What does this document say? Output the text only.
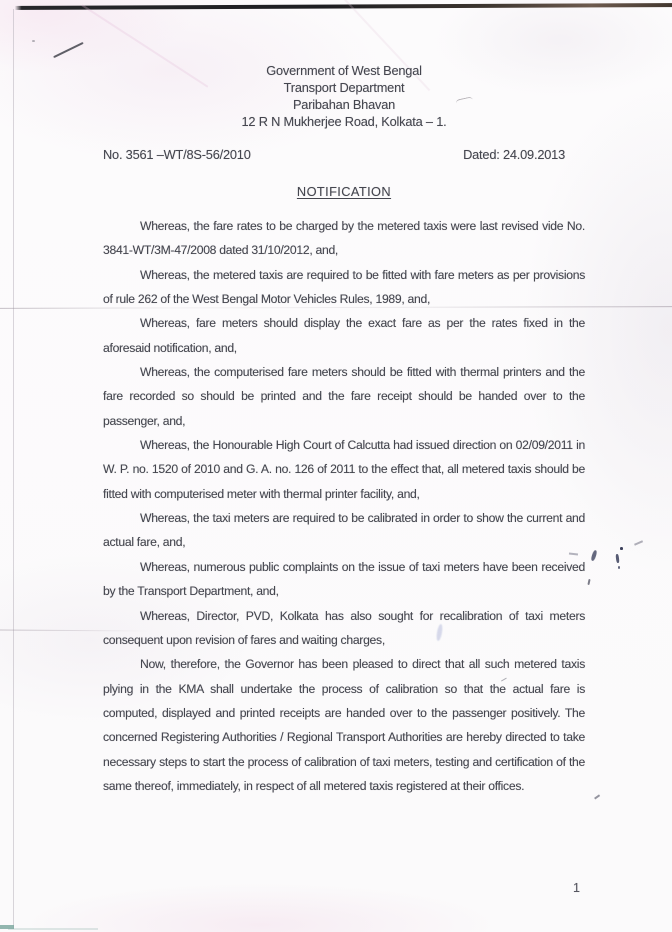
Government of West Bengal
Transport Department
Paribahan Bhavan
12 R N Mukherjee Road, Kolkata – 1.
No. 3561 –WT/8S-56/2010	Dated: 24.09.2013
NOTIFICATION

Whereas, the fare rates to be charged by the metered taxis were last revised vide No. 3841-WT/3M-47/2008 dated 31/10/2012, and,

Whereas, the metered taxis are required to be fitted with fare meters as per provisions of rule 262 of the West Bengal Motor Vehicles Rules, 1989, and,

Whereas, fare meters should display the exact fare as per the rates fixed in the aforesaid notification, and,

Whereas, the computerised fare meters should be fitted with thermal printers and the fare recorded so should be printed and the fare receipt should be handed over to the passenger, and,

Whereas, the Honourable High Court of Calcutta had issued direction on 02/09/2011 in W. P. no. 1520 of 2010 and G. A. no. 126 of 2011 to the effect that, all metered taxis should be fitted with computerised meter with thermal printer facility, and,

Whereas, the taxi meters are required to be calibrated in order to show the current and actual fare, and,

Whereas, numerous public complaints on the issue of taxi meters have been received by the Transport Department, and,

Whereas, Director, PVD, Kolkata has also sought for recalibration of taxi meters consequent upon revision of fares and waiting charges,

Now, therefore, the Governor has been pleased to direct that all such metered taxis plying in the KMA shall undertake the process of calibration so that the actual fare is computed, displayed and printed receipts are handed over to the passenger positively. The concerned Registering Authorities / Regional Transport Authorities are hereby directed to take necessary steps to start the process of calibration of taxi meters, testing and certification of the same thereof, immediately, in respect of all metered taxis registered at their offices.

1
